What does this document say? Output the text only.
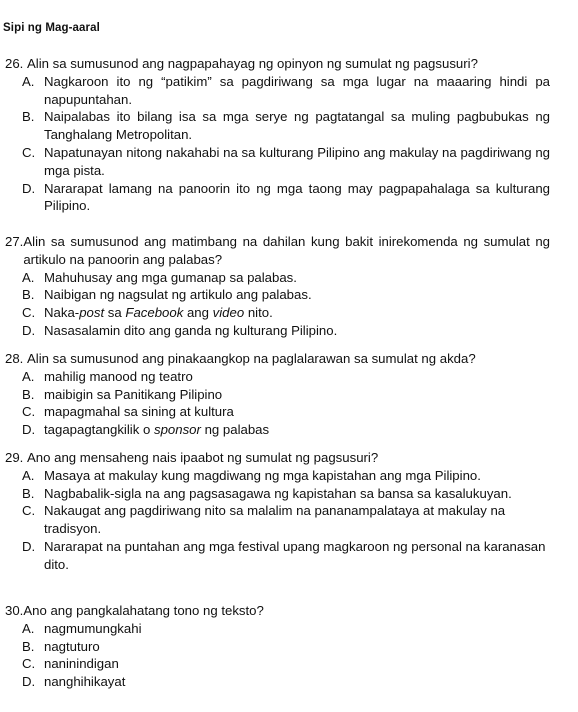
Sipi ng Mag-aaral
26. Alin sa sumusunod ang nagpapahayag ng opinyon ng sumulat ng pagsusuri?
A. Nagkaroon ito ng “patikim” sa pagdiriwang sa mga lugar na maaaring hindi pa napupuntahan.
B. Naipalabas ito bilang isa sa mga serye ng pagtatangal sa muling pagbubukas ng Tanghalang Metropolitan.
C. Napatunayan nitong nakahabi na sa kulturang Pilipino ang makulay na pagdiriwang ng mga pista.
D. Nararapat lamang na panoorin ito ng mga taong may pagpapahalaga sa kulturang Pilipino.
27. Alin sa sumusunod ang matimbang na dahilan kung bakit inirekomenda ng sumulat ng artikulo na panoorin ang palabas?
A. Mahuhusay ang mga gumanap sa palabas.
B. Naibigan ng nagsulat ng artikulo ang palabas.
C. Naka-post sa Facebook ang video nito.
D. Nasasalamin dito ang ganda ng kulturang Pilipino.
28. Alin sa sumusunod ang pinakaangkop na paglalarawan sa sumulat ng akda?
A. mahilig manood ng teatro
B. maibigin sa Panitikang Pilipino
C. mapagmahal sa sining at kultura
D. tagapagtangkilik o sponsor ng palabas
29. Ano ang mensaheng nais ipaabot ng sumulat ng pagsusuri?
A. Masaya at makulay kung magdiwang ng mga kapistahan ang mga Pilipino.
B. Nagbabalik-sigla na ang pagsasagawa ng kapistahan sa bansa sa kasalukuyan.
C. Nakaugat ang pagdiriwang nito sa malalim na pananampalataya at makulay na tradisyon.
D. Nararapat na puntahan ang mga festival upang magkaroon ng personal na karanasan dito.
30. Ano ang pangkalahatang tono ng teksto?
A. nagmumungkahi
B. nagtuturo
C. naninindigan
D. nanghihikayat
